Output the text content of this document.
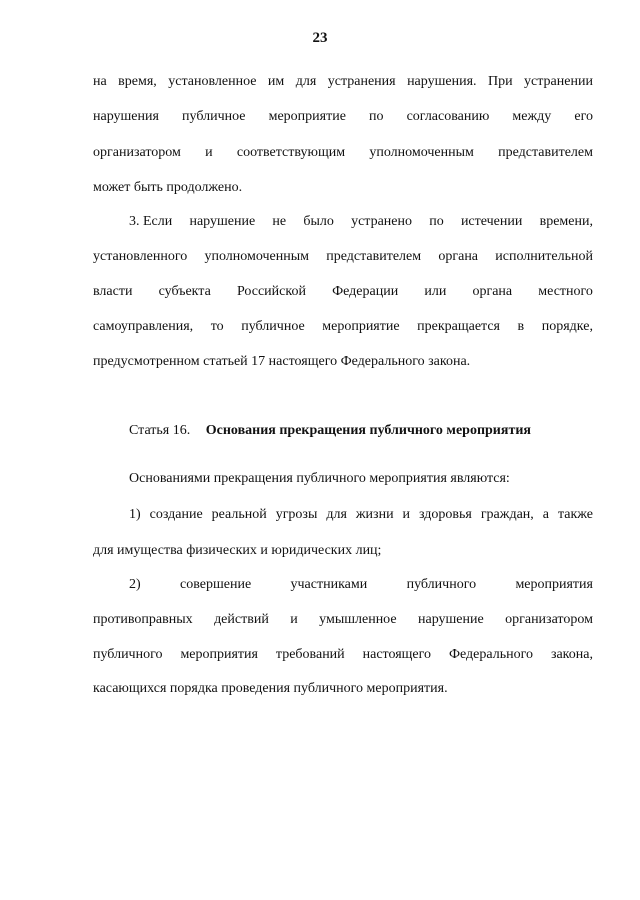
23
на время, установленное им для устранения нарушения. При устранении
нарушения публичное мероприятие по согласованию между его
организатором и соответствующим уполномоченным представителем
может быть продолжено.
3. Если нарушение не было устранено по истечении времени,
установленного уполномоченным представителем органа исполнительной
власти субъекта Российской Федерации или органа местного
самоуправления, то публичное мероприятие прекращается в порядке,
предусмотренном статьей 17 настоящего Федерального закона.
Статья 16. Основания прекращения публичного мероприятия
Основаниями прекращения публичного мероприятия являются:
1) создание реальной угрозы для жизни и здоровья граждан, а также
для имущества физических и юридических лиц;
2)	совершение	участниками	публичного	мероприятия
противоправных действий и умышленное нарушение организатором
публичного мероприятия требований настоящего Федерального закона,
касающихся порядка проведения публичного мероприятия.
